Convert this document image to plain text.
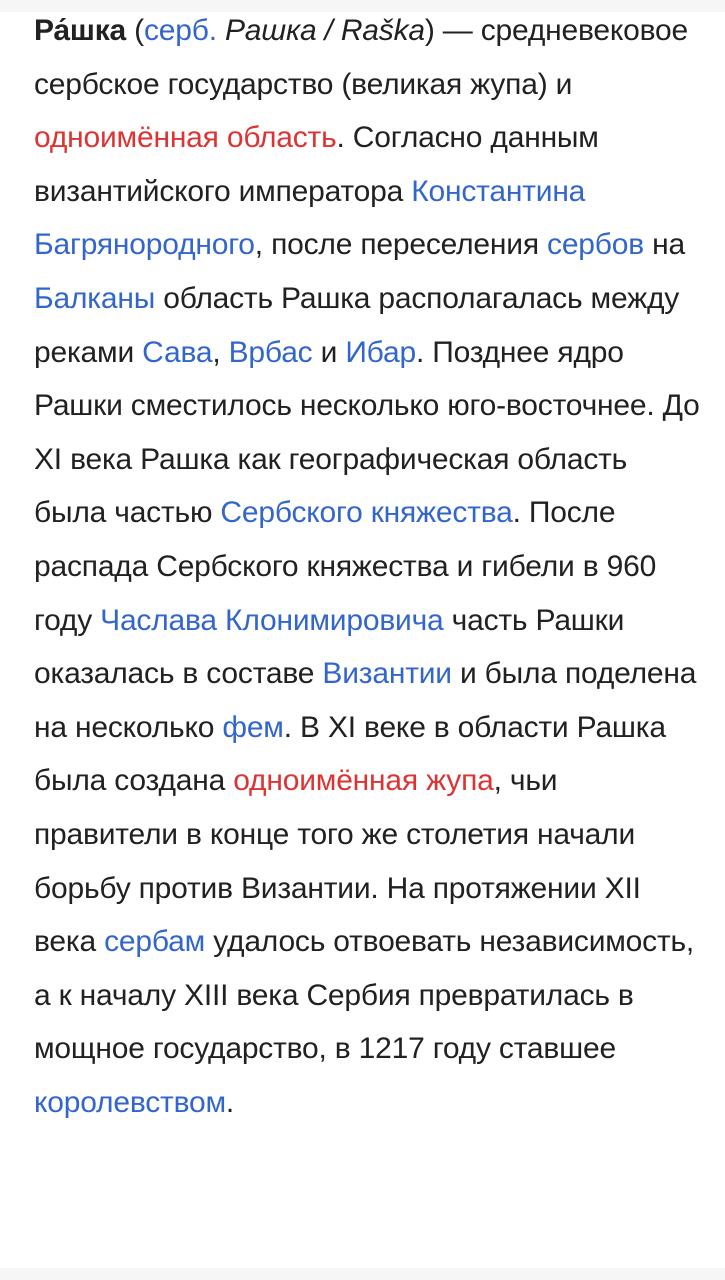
Ра́шка (серб. Рашка / Raška) — средневековое сербское государство (великая жупа) и одноимённая область. Согласно данным византийского императора Константина Багрянородного, после переселения сербов на Балканы область Рашка располагалась между реками Сава, Врбас и Ибар. Позднее ядро Рашки сместилось несколько юго-восточнее. До XI века Рашка как географическая область была частью Сербского княжества. После распада Сербского княжества и гибели в 960 году Часлава Клонимировича часть Рашки оказалась в составе Византии и была поделена на несколько фем. В XI веке в области Рашка была создана одноимённая жупа, чьи правители в конце того же столетия начали борьбу против Византии. На протяжении XII века сербам удалось отвоевать независимость, а к началу XIII века Сербия превратилась в мощное государство, в 1217 году ставшее королевством.
